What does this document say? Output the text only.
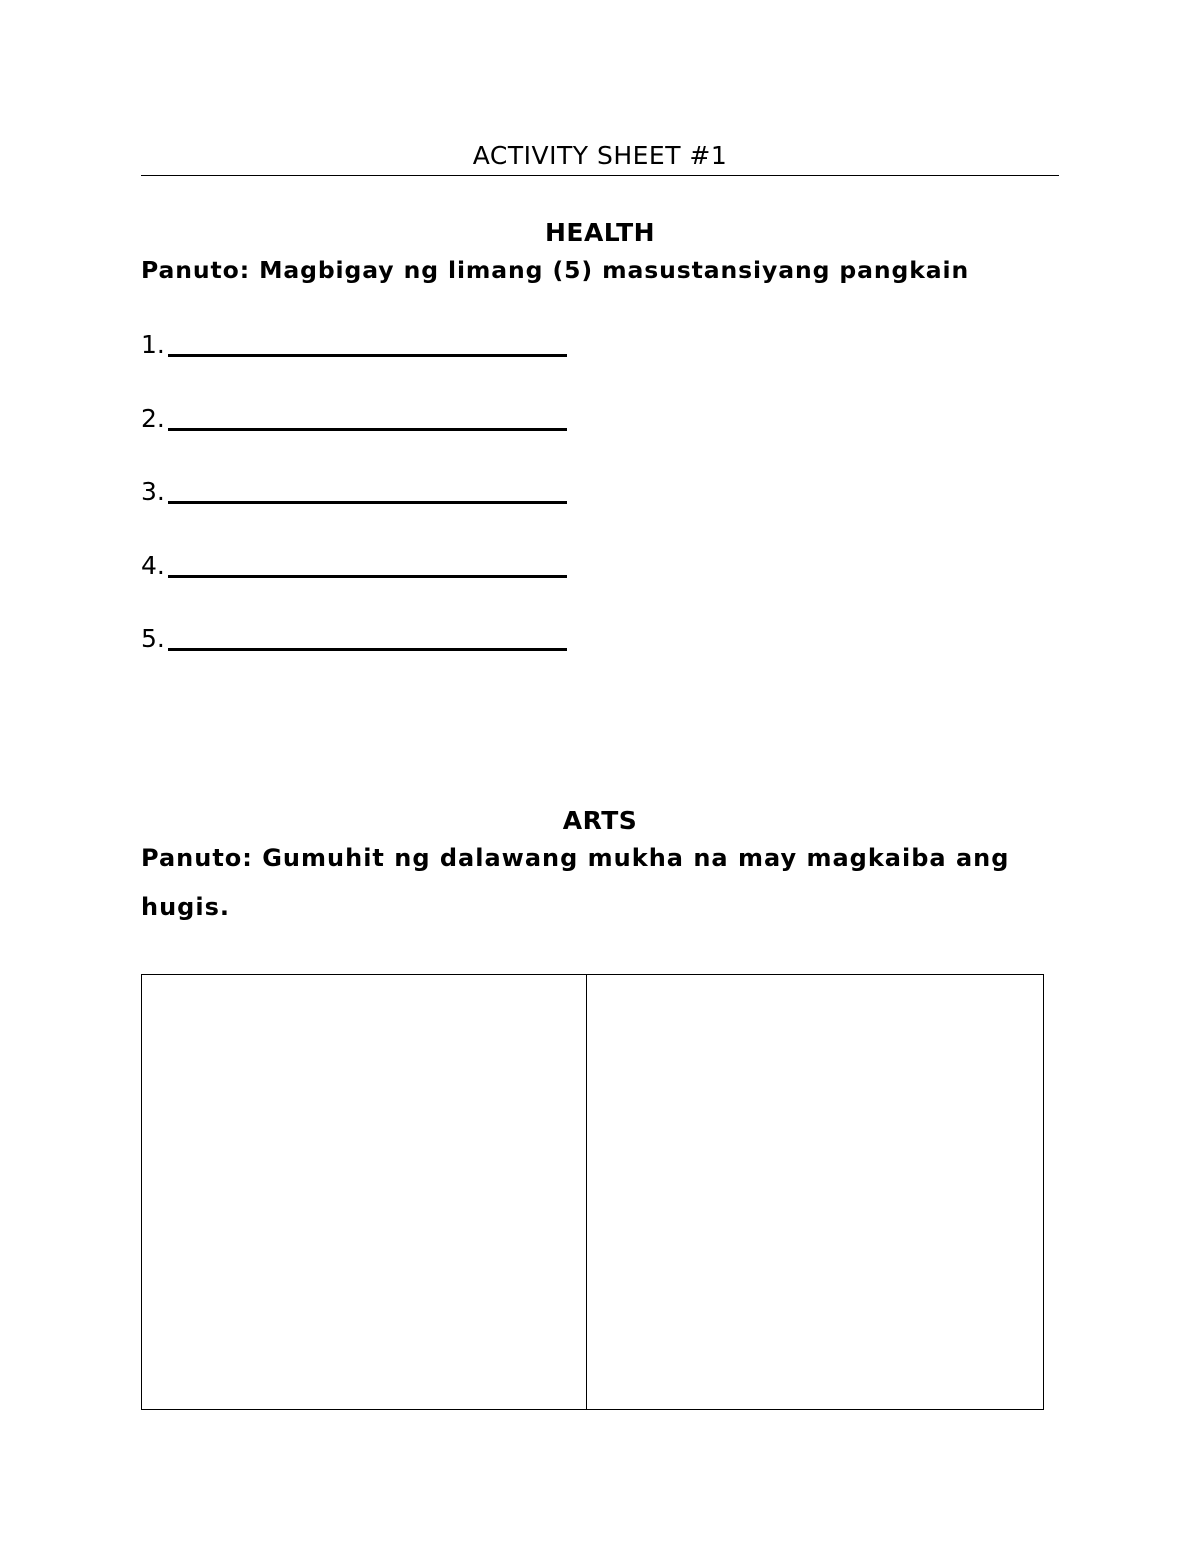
ACTIVITY SHEET #1
HEALTH
Panuto: Magbigay ng limang (5) masustansiyang pangkain
1.
2.
3.
4.
5.
ARTS
Panuto: Gumuhit ng dalawang mukha na may magkaiba ang hugis.
